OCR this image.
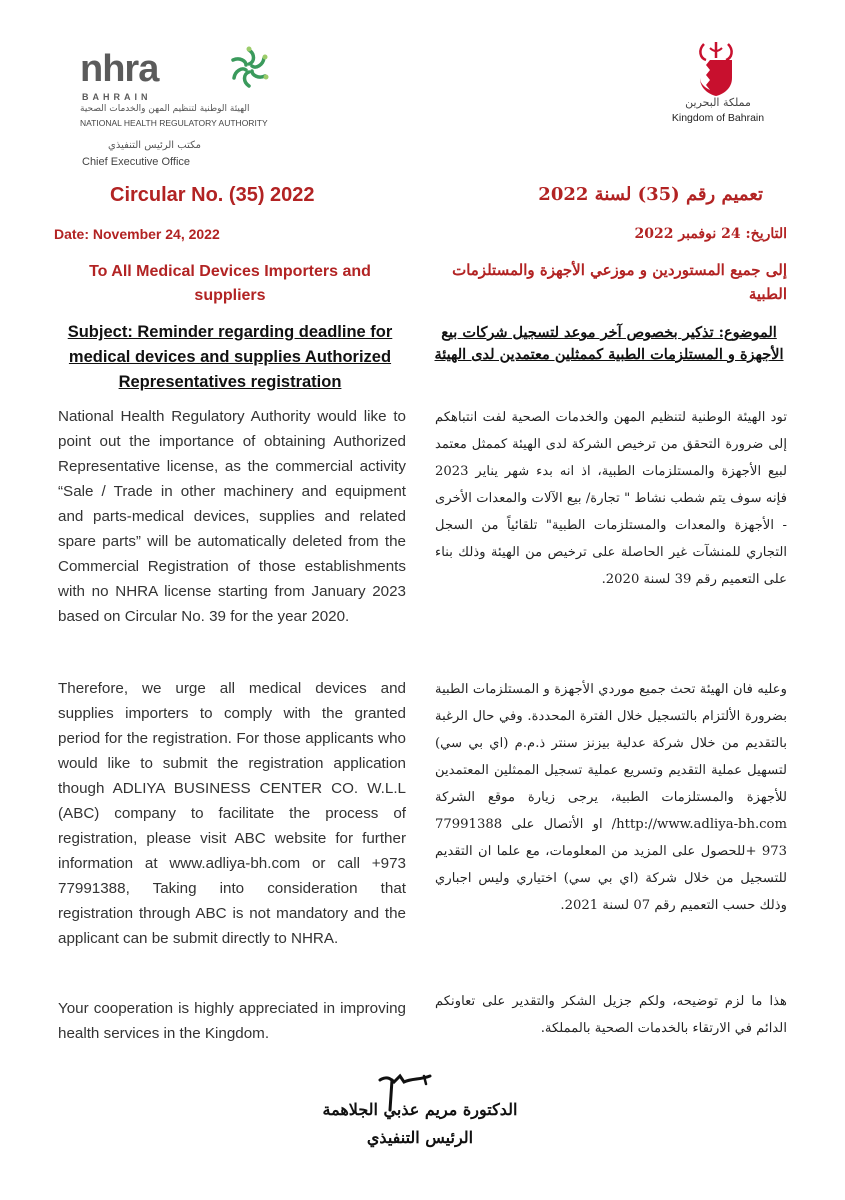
nhra
BAHRAIN
الهيئة الوطنية لتنظيم المهن والخدمات الصحية
NATIONAL HEALTH REGULATORY AUTHORITY
مكتب الرئيس التنفيذي
Chief Executive Office
مملكة البحرين
Kingdom of Bahrain
Circular No. (35) 2022	تعميم رقم (35) لسنة 2022
Date: November 24, 2022	التاريخ: 24 نوفمبر 2022
To All Medical Devices Importers and suppliers
إلى جميع المستوردين و موزعي الأجهزة والمستلزمات الطبية
Subject: Reminder regarding deadline for medical devices and supplies Authorized Representatives registration
الموضوع: تذكير بخصوص آخر موعد لتسجيل شركات بيع الأجهزة و المستلزمات الطبية كممثلين معتمدين لدى الهيئة

National Health Regulatory Authority would like to point out the importance of obtaining Authorized Representative license, as the commercial activity “Sale / Trade in other machinery and equipment and parts-medical devices, supplies and related spare parts” will be automatically deleted from the Commercial Registration of those establishments with no NHRA license starting from January 2023 based on Circular No. 39 for the year 2020.

Therefore, we urge all medical devices and supplies importers to comply with the granted period for the registration. For those applicants who would like to submit the registration application though ADLIYA BUSINESS CENTER CO. W.L.L (ABC) company to facilitate the process of registration, please visit ABC website for further information at www.adliya-bh.com or call +973 77991388, Taking into consideration that registration through ABC is not mandatory and the applicant can be submit directly to NHRA.

Your cooperation is highly appreciated in improving health services in the Kingdom.

تود الهيئة الوطنية لتنظيم المهن والخدمات الصحية لفت انتباهكم إلى ضرورة التحقق من ترخيص الشركة لدى الهيئة كممثل معتمد لبيع الأجهزة والمستلزمات الطبية، اذ انه بدء شهر يناير 2023 فإنه سوف يتم شطب نشاط " تجارة/ بيع الآلات والمعدات الأخرى - الأجهزة والمعدات والمستلزمات الطبية" تلقائياً من السجل التجاري للمنشآت غير الحاصلة على ترخيص من الهيئة وذلك بناء على التعميم رقم 39 لسنة 2020.

وعليه فان الهيئة تحث جميع موردي الأجهزة و المستلزمات الطبية بضرورة الألتزام بالتسجيل خلال الفترة المحددة. وفي حال الرغبة بالتقديم من خلال شركة عدلية بيزنز سنتر ذ.م.م (اي بي سي) لتسهيل عملية التقديم وتسريع عملية تسجيل الممثلين المعتمدين للأجهزة والمستلزمات الطبية، يرجى زيارة موقع الشركة http://www.adliya-bh.com/ او الأتصال على 77991388 973 +للحصول على المزيد من المعلومات، مع علما ان التقديم للتسجيل من خلال شركة (اي بي سي) اختياري وليس اجباري وذلك حسب التعميم رقم 07 لسنة 2021.

هذا ما لزم توضيحه، ولكم جزيل الشكر والتقدير على تعاونكم الدائم في الارتقاء بالخدمات الصحية بالمملكة.

الدكتورة مريم عذبي الجلاهمة
الرئيس التنفيذي
